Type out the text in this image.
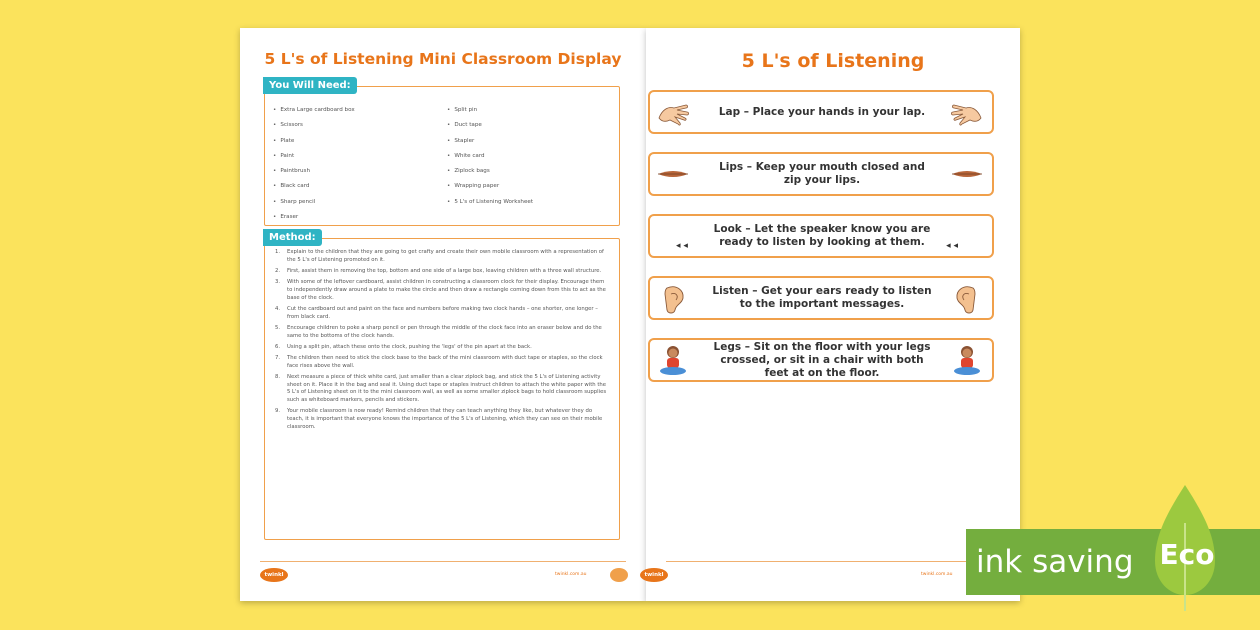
5 L's of Listening Mini Classroom Display
You Will Need:
• Extra Large cardboard box
• Scissors
• Plate
• Paint
• Paintbrush
• Black card
• Sharp pencil
• Eraser
• Split pin
• Duct tape
• Stapler
• White card
• Ziplock bags
• Wrapping paper
• 5 L's of Listening Worksheet
Method:
1. Explain to the children that they are going to get crafty and create their own mobile classroom with a representation of the 5 L's of Listening promoted on it.
2. First, assist them in removing the top, bottom and one side of a large box, leaving children with a three wall structure.
3. With some of the leftover cardboard, assist children in constructing a classroom clock for their display. Encourage them to independently draw around a plate to make the circle and then draw a rectangle coming down from this to act as the base of the clock.
4. Cut the cardboard out and paint on the face and numbers before making two clock hands – one shorter, one longer – from black card.
5. Encourage children to poke a sharp pencil or pen through the middle of the clock face into an eraser below and do the same to the bottoms of the clock hands.
6. Using a split pin, attach these onto the clock, pushing the 'legs' of the pin apart at the back.
7. The children then need to stick the clock base to the back of the mini classroom with duct tape or staples, so the clock face rises above the wall.
8. Next measure a piece of thick white card, just smaller than a clear ziplock bag, and stick the 5 L's of Listening activity sheet on it. Place it in the bag and seal it. Using duct tape or staples instruct children to attach the white paper with the 5 L's of Listening sheet on it to the mini classroom wall, as well as some smaller ziplock bags to hold classroom supplies such as whiteboard markers, pencils and stickers.
9. Your mobile classroom is now ready! Remind children that they can teach anything they like, but whatever they do teach, it is important that everyone knows the importance of the 5 L's of Listening, which they can see on their mobile classroom.
twinkl	twinkl.com.au
5 L's of Listening
Lap – Place your hands in your lap.
Lips – Keep your mouth closed and zip your lips.
◂ ◂
Look – Let the speaker know you are ready to listen by looking at them.	◂ ◂
Listen – Get your ears ready to listen to the important messages.
Legs – Sit on the floor with your legs crossed, or sit in a chair with both feet at on the floor.
twinkl	twinkl.com.au ink saving Eco
